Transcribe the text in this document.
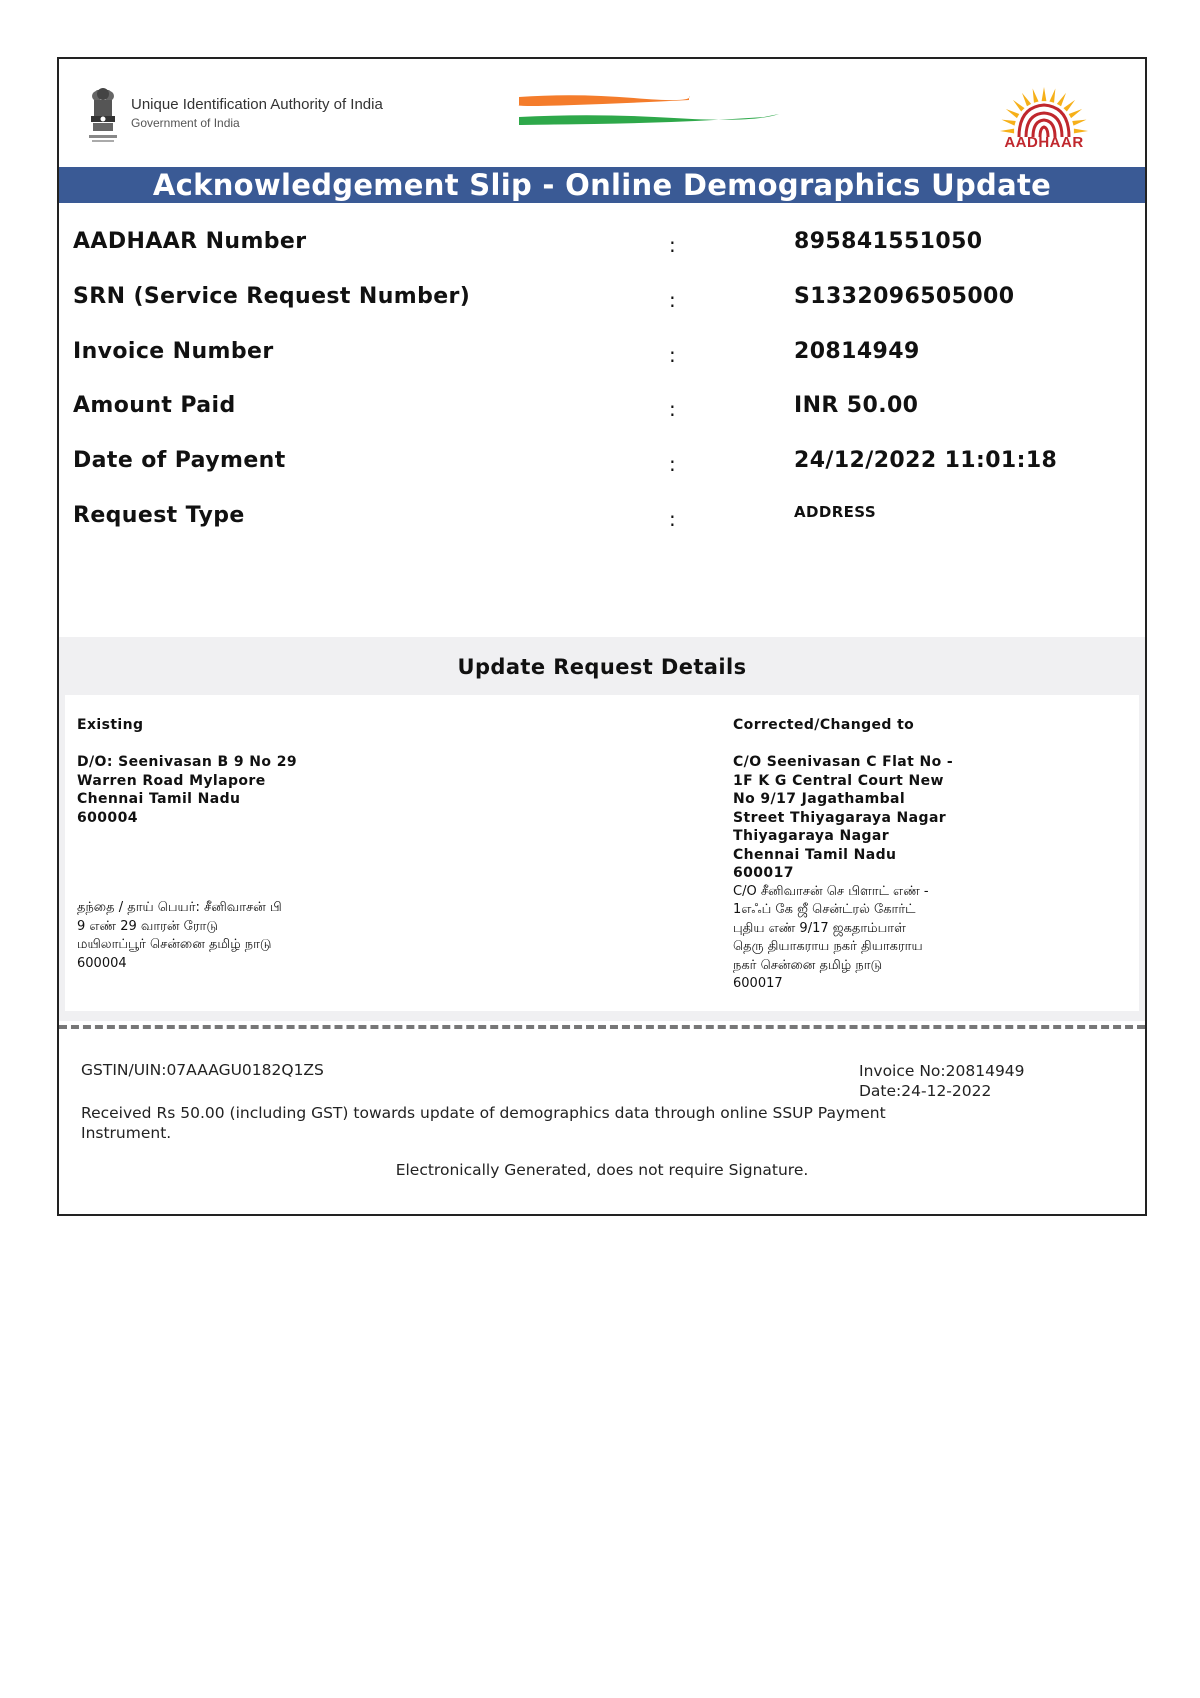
Unique Identification Authority of India
Government of India
AADHAAR
Acknowledgement Slip - Online Demographics Update
AADHAAR Number	:	895841551050
SRN (Service Request Number)	:	S1332096505000
Invoice Number	:	20814949
Amount Paid	:	INR 50.00
Date of Payment	:	24/12/2022 11:01:18
Request Type	:	ADDRESS
Update Request Details
Existing
D/O: Seenivasan B 9 No 29
Warren Road Mylapore
Chennai Tamil Nadu
600004
தந்தை / தாய் பெயர்: சீனிவாசன் பி
9 எண் 29 வாரன் ரோடு
மயிலாப்பூர் சென்னை தமிழ் நாடு
600004
Corrected/Changed to
C/O Seenivasan C Flat No -
1F K G Central Court New
No 9/17 Jagathambal
Street Thiyagaraya Nagar
Thiyagaraya Nagar
Chennai Tamil Nadu
600017
C/O சீனிவாசன் செ பிளாட் எண் -
1எஃப் கே ஜீ சென்ட்ரல் கோர்ட்
புதிய எண் 9/17 ஜகதாம்பாள்
தெரு தியாகராய நகர் தியாகராய
நகர் சென்னை தமிழ் நாடு
600017
GSTIN/UIN:07AAAGU0182Q1ZS	Invoice No:20814949
Date:24-12-2022
Received Rs 50.00 (including GST) towards update of demographics data through online SSUP Payment Instrument.
Electronically Generated, does not require Signature.
